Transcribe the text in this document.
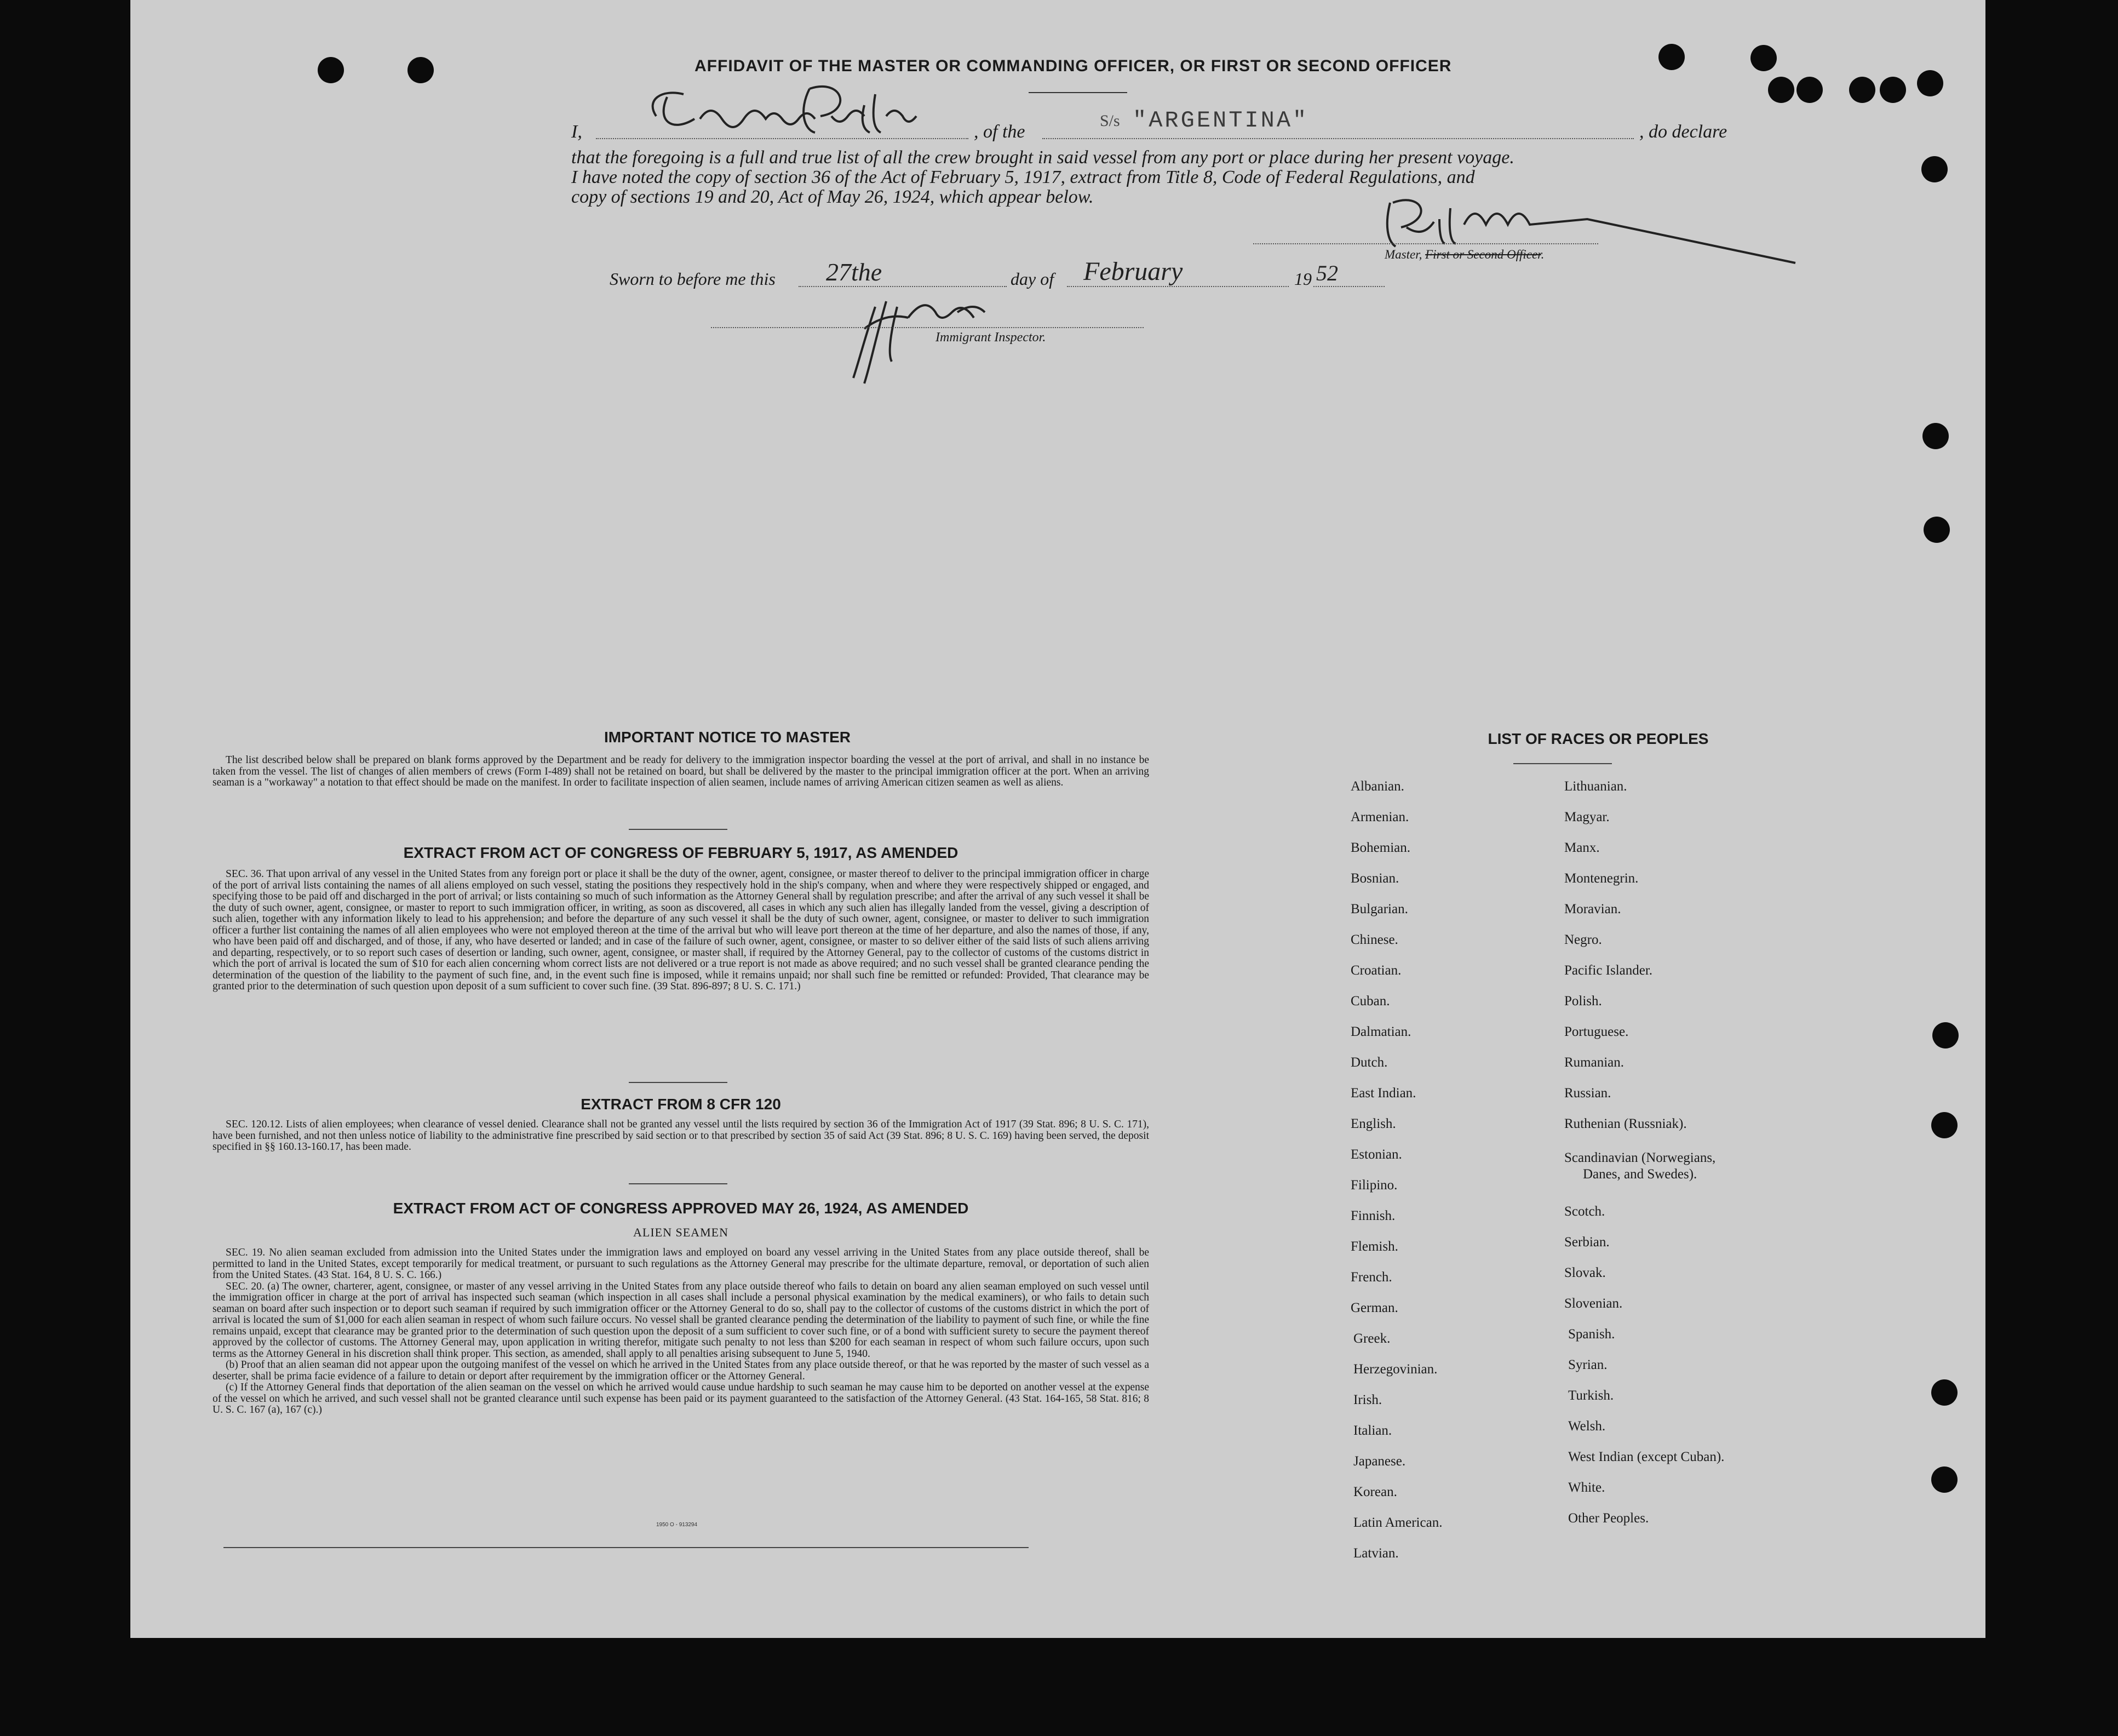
AFFIDAVIT OF THE MASTER OR COMMANDING OFFICER, OR FIRST OR SECOND OFFICER
I,	, of the
S/s "ARGENTINA"	, do declare
that the foregoing is a full and true list of all the crew brought in said vessel from any port or place during her present voyage.
I have noted the copy of section 36 of the Act of February 5, 1917, extract from Title 8, Code of Federal Regulations, and
copy of sections 19 and 20, Act of May 26, 1924, which appear below.
Master, First or Second Officer.
Sworn to before me this 27the	day of February	19 52
Immigrant Inspector.
IMPORTANT NOTICE TO MASTER

The list described below shall be prepared on blank forms approved by the Department and be ready for delivery to the immigration inspector boarding the vessel at the port of arrival, and shall in no instance be taken from the vessel. The list of changes of alien members of crews (Form I-489) shall not be retained on board, but shall be delivered by the master to the principal immigration officer at the port. When an arriving seaman is a "workaway" a notation to that effect should be made on the manifest. In order to facilitate inspection of alien seamen, include names of arriving American citizen seamen as well as aliens.

EXTRACT FROM ACT OF CONGRESS OF FEBRUARY 5, 1917, AS AMENDED

SEC. 36. That upon arrival of any vessel in the United States from any foreign port or place it shall be the duty of the owner, agent, consignee, or master thereof to deliver to the principal immigration officer in charge of the port of arrival lists containing the names of all aliens employed on such vessel, stating the positions they respectively hold in the ship's company, when and where they were respectively shipped or engaged, and specifying those to be paid off and discharged in the port of arrival; or lists containing so much of such information as the Attorney General shall by regulation prescribe; and after the arrival of any such vessel it shall be the duty of such owner, agent, consignee, or master to report to such immigration officer, in writing, as soon as discovered, all cases in which any such alien has illegally landed from the vessel, giving a description of such alien, together with any information likely to lead to his apprehension; and before the departure of any such vessel it shall be the duty of such owner, agent, consignee, or master to deliver to such immigration officer a further list containing the names of all alien employees who were not employed thereon at the time of the arrival but who will leave port thereon at the time of her departure, and also the names of those, if any, who have been paid off and discharged, and of those, if any, who have deserted or landed; and in case of the failure of such owner, agent, consignee, or master to so deliver either of the said lists of such aliens arriving and departing, respectively, or to so report such cases of desertion or landing, such owner, agent, consignee, or master shall, if required by the Attorney General, pay to the collector of customs of the customs district in which the port of arrival is located the sum of $10 for each alien concerning whom correct lists are not delivered or a true report is not made as above required; and no such vessel shall be granted clearance pending the determination of the question of the liability to the payment of such fine, and, in the event such fine is imposed, while it remains unpaid; nor shall such fine be remitted or refunded: Provided, That clearance may be granted prior to the determination of such question upon deposit of a sum sufficient to cover such fine. (39 Stat. 896-897; 8 U. S. C. 171.)

EXTRACT FROM 8 CFR 120

SEC. 120.12. Lists of alien employees; when clearance of vessel denied. Clearance shall not be granted any vessel until the lists required by section 36 of the Immigration Act of 1917 (39 Stat. 896; 8 U. S. C. 171), have been furnished, and not then unless notice of liability to the administrative fine prescribed by said section or to that prescribed by section 35 of said Act (39 Stat. 896; 8 U. S. C. 169) having been served, the deposit specified in §§ 160.13-160.17, has been made.

EXTRACT FROM ACT OF CONGRESS APPROVED MAY 26, 1924, AS AMENDED
ALIEN SEAMEN

SEC. 19. No alien seaman excluded from admission into the United States under the immigration laws and employed on board any vessel arriving in the United States from any place outside thereof, shall be permitted to land in the United States, except temporarily for medical treatment, or pursuant to such regulations as the Attorney General may prescribe for the ultimate departure, removal, or deportation of such alien from the United States. (43 Stat. 164, 8 U. S. C. 166.)

SEC. 20. (a) The owner, charterer, agent, consignee, or master of any vessel arriving in the United States from any place outside thereof who fails to detain on board any alien seaman employed on such vessel until the immigration officer in charge at the port of arrival has inspected such seaman (which inspection in all cases shall include a personal physical examination by the medical examiners), or who fails to detain such seaman on board after such inspection or to deport such seaman if required by such immigration officer or the Attorney General to do so, shall pay to the collector of customs of the customs district in which the port of arrival is located the sum of $1,000 for each alien seaman in respect of whom such failure occurs. No vessel shall be granted clearance pending the determination of the liability to payment of such fine, or while the fine remains unpaid, except that clearance may be granted prior to the determination of such question upon the deposit of a sum sufficient to cover such fine, or of a bond with sufficient surety to secure the payment thereof approved by the collector of customs. The Attorney General may, upon application in writing therefor, mitigate such penalty to not less than $200 for each seaman in respect of whom such failure occurs, upon such terms as the Attorney General in his discretion shall think proper. This section, as amended, shall apply to all penalties arising subsequent to June 5, 1940.

(b) Proof that an alien seaman did not appear upon the outgoing manifest of the vessel on which he arrived in the United States from any place outside thereof, or that he was reported by the master of such vessel as a deserter, shall be prima facie evidence of a failure to detain or deport after requirement by the immigration officer or the Attorney General.

(c) If the Attorney General finds that deportation of the alien seaman on the vessel on which he arrived would cause undue hardship to such seaman he may cause him to be deported on another vessel at the expense of the vessel on which he arrived, and such vessel shall not be granted clearance until such expense has been paid or its payment guaranteed to the satisfaction of the Attorney General. (43 Stat. 164-165, 58 Stat. 816; 8 U. S. C. 167 (a), 167 (c).)

1950 O - 913294
LIST OF RACES OR PEOPLES
Albanian.
Armenian.
Bohemian.
Bosnian.
Bulgarian.
Chinese.
Croatian.
Cuban.
Dalmatian.
Dutch.
East Indian.
English.
Estonian.
Filipino.
Finnish.
Flemish.
French.
German.
Greek.
Herzegovinian.
Irish.
Italian.
Japanese.
Korean.
Latin American.
Latvian.
Lithuanian.
Magyar.
Manx.
Montenegrin.
Moravian.
Negro.
Pacific Islander.
Polish.
Portuguese.
Rumanian.
Russian.
Ruthenian (Russniak).
Scandinavian (Norwegians,
Danes, and Swedes).
Scotch.
Serbian.
Slovak.
Slovenian.
Spanish.
Syrian.
Turkish.
Welsh.
West Indian (except Cuban).
White.
Other Peoples.
